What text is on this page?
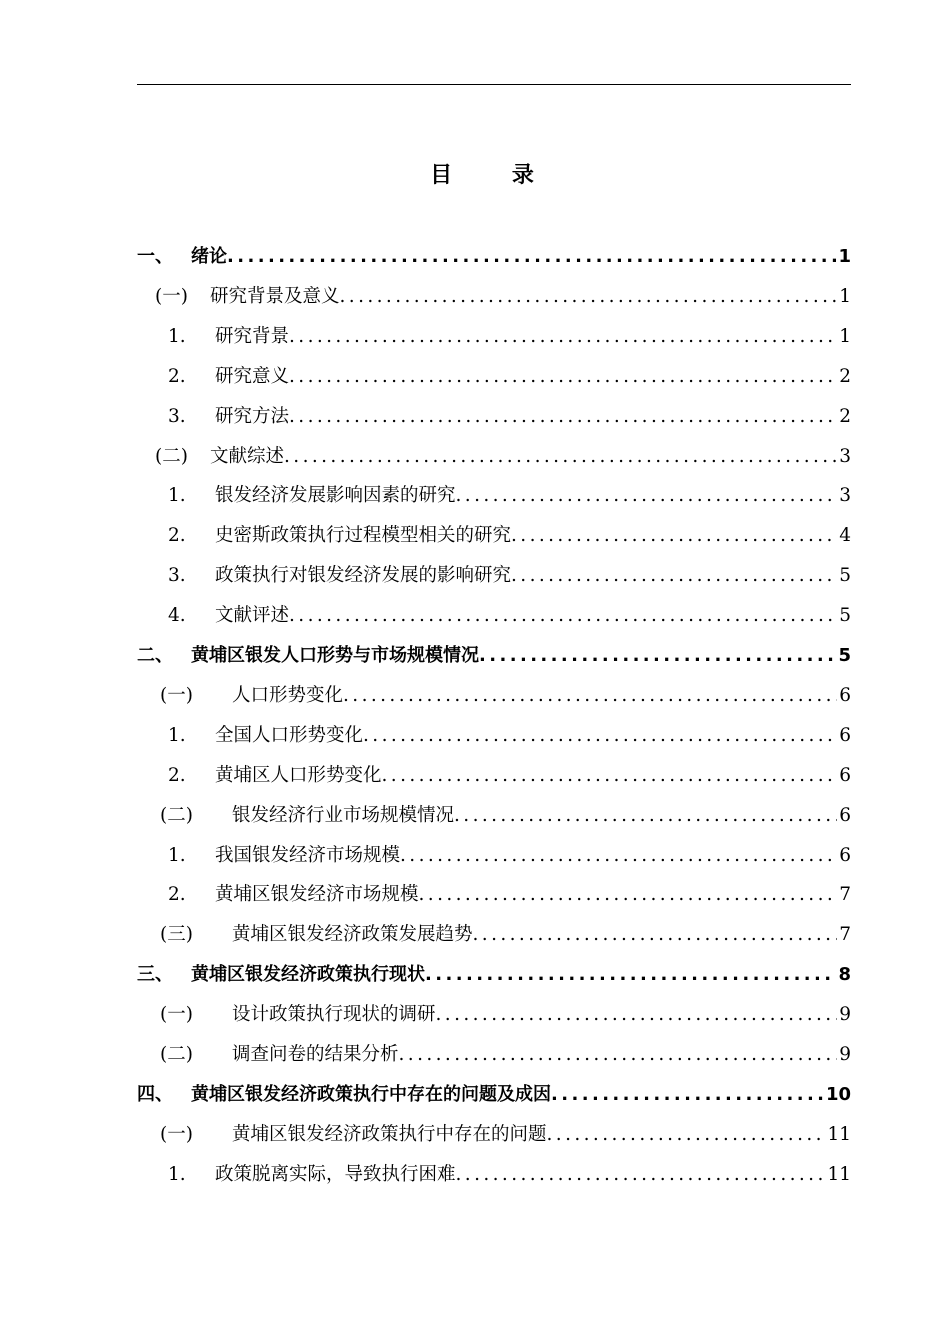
目 录
一、	绪论 .....	1
(一)	研究背景及意义 .....	1
1.	研究背景 .....	1
2.	研究意义 .....	2
3.	研究方法 .....	2
(二)	文献综述 .....	3
1.	银发经济发展影响因素的研究 .....	3
2.	史密斯政策执行过程模型相关的研究 .....	4
3.	政策执行对银发经济发展的影响研究 .....	5
4.	文献评述 .....	5
二、	黄埔区银发人口形势与市场规模情况 .....	5
(一)	人口形势变化 .....	6
1.	全国人口形势变化 .....	6
2.	黄埔区人口形势变化 .....	6
(二)	银发经济行业市场规模情况 .....	6
1.	我国银发经济市场规模 .....	6
2.	黄埔区银发经济市场规模 .....	7
(三)	黄埔区银发经济政策发展趋势 .....	7
三、	黄埔区银发经济政策执行现状 .....	8
(一)	设计政策执行现状的调研 .....	9
(二)	调查问卷的结果分析 .....	9
四、	黄埔区银发经济政策执行中存在的问题及成因 .....	10
(一)	黄埔区银发经济政策执行中存在的问题 .....	11
1.	政策脱离实际，导致执行困难 .....	11
